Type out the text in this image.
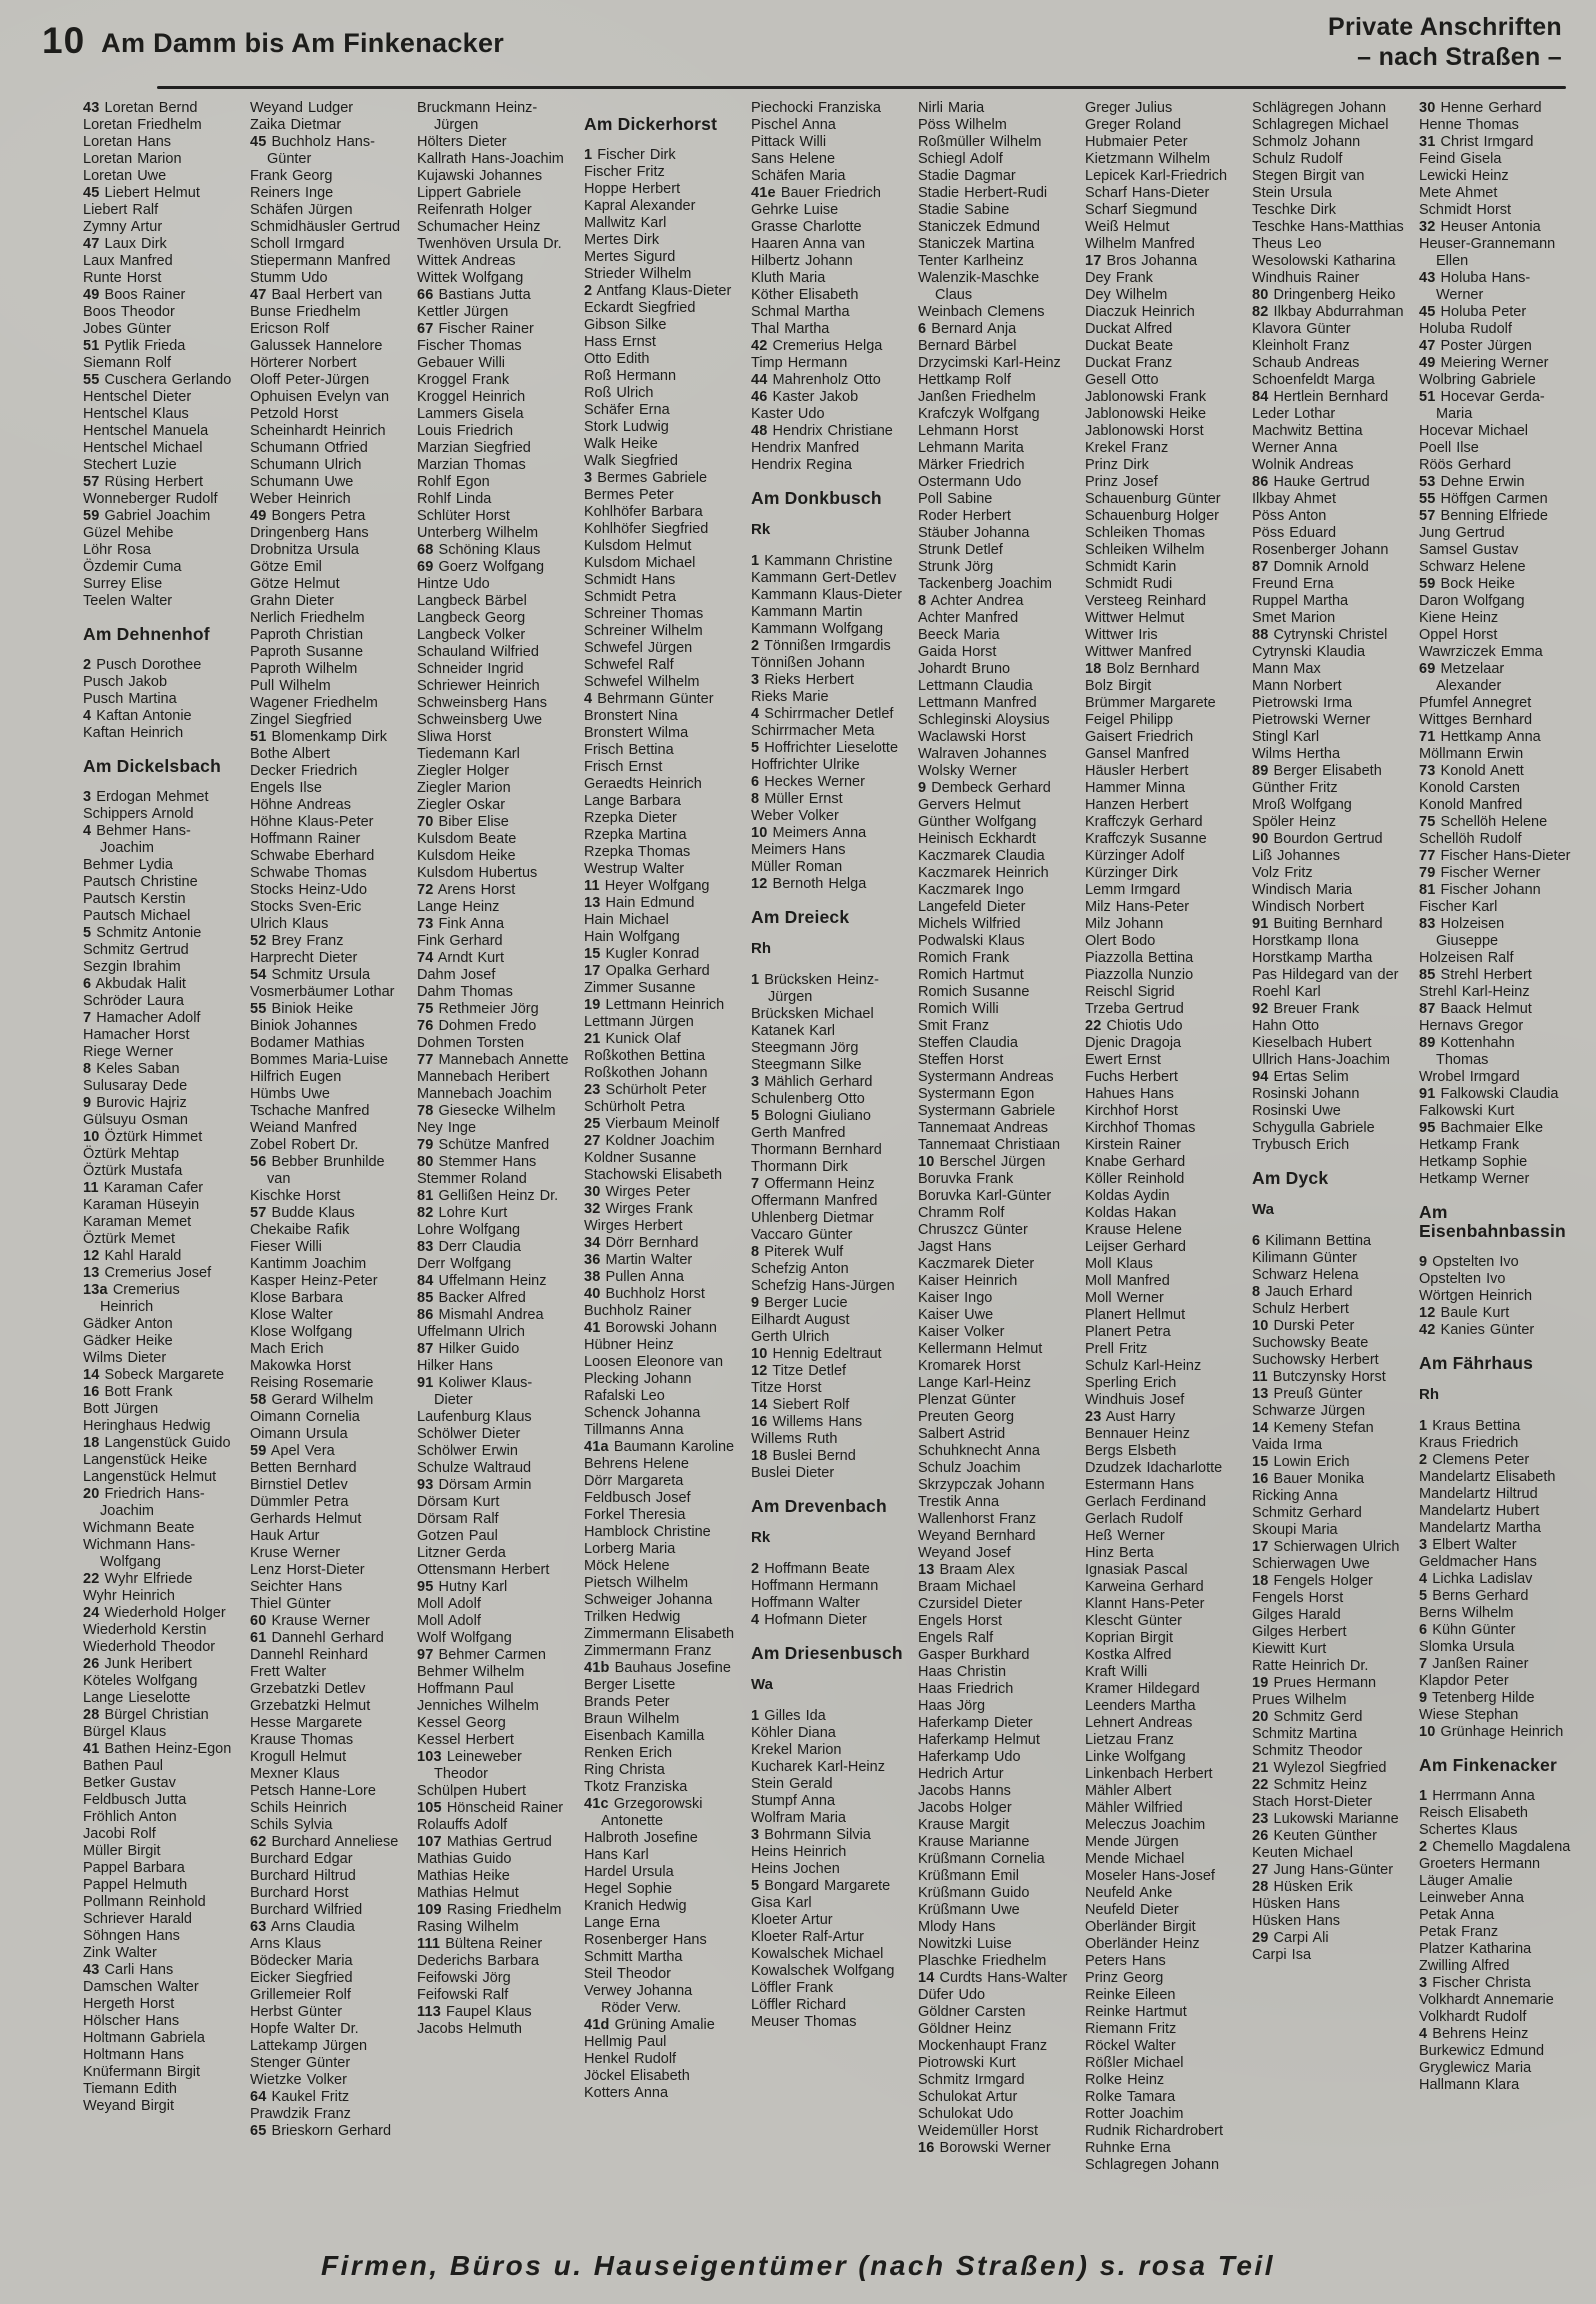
10 Am Damm bis Am Finkenacker
Private Anschriften
– nach Straßen –
43 Loretan Bernd
Loretan Friedhelm
Loretan Hans
Loretan Marion
Loretan Uwe
45 Liebert Helmut
Liebert Ralf
Zymny Artur
47 Laux Dirk
Laux Manfred
Runte Horst
49 Boos Rainer
Boos Theodor
Jobes Günter
51 Pytlik Frieda
Siemann Rolf
55 Cuschera Gerlando
Hentschel Dieter
Hentschel Klaus
Hentschel Manuela
Hentschel Michael
Stechert Luzie
57 Rüsing Herbert
Wonneberger Rudolf
59 Gabriel Joachim
Güzel Mehibe
Löhr Rosa
Özdemir Cuma
Surrey Elise
Teelen Walter
Am Dehnenhof
2 Pusch Dorothee
Pusch Jakob
Pusch Martina
4 Kaftan Antonie
Kaftan Heinrich
Am Dickelsbach
3 Erdogan Mehmet
Schippers Arnold
4 Behmer Hans-Joachim
Behmer Lydia
Pautsch Christine
Pautsch Kerstin
Pautsch Michael
5 Schmitz Antonie
Schmitz Gertrud
Sezgin Ibrahim
6 Akbudak Halit
Schröder Laura
7 Hamacher Adolf
Hamacher Horst
Riege Werner
8 Keles Saban
Sulusaray Dede
9 Burovic Hajriz
Gülsuyu Osman
10 Öztürk Himmet
Öztürk Mehtap
Öztürk Mustafa
11 Karaman Cafer
Karaman Hüseyin
Karaman Memet
Öztürk Memet
12 Kahl Harald
13 Cremerius Josef
13a Cremerius Heinrich
Gädker Anton
Gädker Heike
Wilms Dieter
14 Sobeck Margarete
16 Bott Frank
Bott Jürgen
Heringhaus Hedwig
18 Langenstück Guido
Langenstück Heike
Langenstück Helmut
20 Friedrich Hans-Joachim
Wichmann Beate
Wichmann Hans-Wolfgang
22 Wyhr Elfriede
Wyhr Heinrich
24 Wiederhold Holger
Wiederhold Kerstin
Wiederhold Theodor
26 Junk Heribert
Köteles Wolfgang
Lange Lieselotte
28 Bürgel Christian
Bürgel Klaus
41 Bathen Heinz-Egon
Bathen Paul
Betker Gustav
Feldbusch Jutta
Fröhlich Anton
Jacobi Rolf
Müller Birgit
Pappel Barbara
Pappel Helmuth
Pollmann Reinhold
Schriever Harald
Söhngen Hans
Zink Walter
43 Carli Hans
Damschen Walter
Hergeth Horst
Hölscher Hans
Holtmann Gabriela
Holtmann Hans
Knüfermann Birgit
Tiemann Edith
Weyand Birgit
Weyand Ludger
Zaika Dietmar
45 Buchholz Hans-Günter
Frank Georg
Reiners Inge
Schäfen Jürgen
Schmidhäusler Gertrud
Scholl Irmgard
Stiepermann Manfred
Stumm Udo
47 Baal Herbert van
Bunse Friedhelm
Ericson Rolf
Galussek Hannelore
Hörterer Norbert
Oloff Peter-Jürgen
Ophuisen Evelyn van
Petzold Horst
Scheinhardt Heinrich
Schumann Otfried
Schumann Ulrich
Schumann Uwe
Weber Heinrich
49 Bongers Petra
Dringenberg Hans
Drobnitza Ursula
Götze Emil
Götze Helmut
Grahn Dieter
Nerlich Friedhelm
Paproth Christian
Paproth Susanne
Paproth Wilhelm
Pull Wilhelm
Wagener Friedhelm
Zingel Siegfried
51 Blomenkamp Dirk
Bothe Albert
Decker Friedrich
Engels Ilse
Höhne Andreas
Höhne Klaus-Peter
Hoffmann Rainer
Schwabe Eberhard
Schwabe Thomas
Stocks Heinz-Udo
Stocks Sven-Eric
Ulrich Klaus
52 Brey Franz
Harprecht Dieter
54 Schmitz Ursula
Vosmerbäumer Lothar
55 Biniok Heike
Biniok Johannes
Bodamer Mathias
Bommes Maria-Luise
Hilfrich Eugen
Hümbs Uwe
Tschache Manfred
Weiand Manfred
Zobel Robert Dr.
56 Bebber Brunhilde van
Kischke Horst
57 Budde Klaus
Chekaibe Rafik
Fieser Willi
Kantimm Joachim
Kasper Heinz-Peter
Klose Barbara
Klose Walter
Klose Wolfgang
Mach Erich
Makowka Horst
Reising Rosemarie
58 Gerard Wilhelm
Oimann Cornelia
Oimann Ursula
59 Apel Vera
Betten Bernhard
Birnstiel Detlev
Dümmler Petra
Gerhards Helmut
Hauk Artur
Kruse Werner
Lenz Horst-Dieter
Seichter Hans
Thiel Günter
60 Krause Werner
61 Dannehl Gerhard
Dannehl Reinhard
Frett Walter
Grzebatzki Detlev
Grzebatzki Helmut
Hesse Margarete
Krause Thomas
Krogull Helmut
Mexner Klaus
Petsch Hanne-Lore
Schils Heinrich
Schils Sylvia
62 Burchard Anneliese
Burchard Edgar
Burchard Hiltrud
Burchard Horst
Burchard Wilfried
63 Arns Claudia
Arns Klaus
Bödecker Maria
Eicker Siegfried
Grillemeier Rolf
Herbst Günter
Hopfe Walter Dr.
Lattekamp Jürgen
Stenger Günter
Wietzke Volker
64 Kaukel Fritz
Prawdzik Franz
65 Brieskorn Gerhard
Bruckmann Heinz-Jürgen
Hölters Dieter
Kallrath Hans-Joachim
Kujawski Johannes
Lippert Gabriele
Reifenrath Holger
Schumacher Heinz
Twenhöven Ursula Dr.
Wittek Andreas
Wittek Wolfgang
66 Bastians Jutta
Kettler Jürgen
67 Fischer Rainer
Fischer Thomas
Gebauer Willi
Kroggel Frank
Kroggel Heinrich
Lammers Gisela
Louis Friedrich
Marzian Siegfried
Marzian Thomas
Rohlf Egon
Rohlf Linda
Schlüter Horst
Unterberg Wilhelm
68 Schöning Klaus
69 Goerz Wolfgang
Hintze Udo
Langbeck Bärbel
Langbeck Georg
Langbeck Volker
Schauland Wilfried
Schneider Ingrid
Schriewer Heinrich
Schweinsberg Hans
Schweinsberg Uwe
Sliwa Horst
Tiedemann Karl
Ziegler Holger
Ziegler Marion
Ziegler Oskar
70 Biber Elise
Kulsdom Beate
Kulsdom Heike
Kulsdom Hubertus
72 Arens Horst
Lange Heinz
73 Fink Anna
Fink Gerhard
74 Arndt Kurt
Dahm Josef
Dahm Thomas
75 Rethmeier Jörg
76 Dohmen Fredo
Dohmen Torsten
77 Mannebach Annette
Mannebach Heribert
Mannebach Joachim
78 Giesecke Wilhelm
Ney Inge
79 Schütze Manfred
80 Stemmer Hans
Stemmer Roland
81 Gellißen Heinz Dr.
82 Lohre Kurt
Lohre Wolfgang
83 Derr Claudia
Derr Wolfgang
84 Uffelmann Heinz
85 Backer Alfred
86 Mismahl Andrea
Uffelmann Ulrich
87 Hilker Guido
Hilker Hans
91 Koliwer Klaus-Dieter
Laufenburg Klaus
Schölwer Dieter
Schölwer Erwin
Schulze Waltraud
93 Dörsam Armin
Dörsam Kurt
Dörsam Ralf
Gotzen Paul
Litzner Gerda
Ottensmann Herbert
95 Hutny Karl
Moll Adolf
Moll Adolf
Wolf Wolfgang
97 Behmer Carmen
Behmer Wilhelm
Hoffmann Paul
Jenniches Wilhelm
Kessel Georg
Kessel Herbert
103 Leineweber Theodor
Schülpen Hubert
105 Hönscheid Rainer
Rolauffs Adolf
107 Mathias Gertrud
Mathias Guido
Mathias Heike
Mathias Helmut
109 Rasing Friedhelm
Rasing Wilhelm
111 Bültena Reiner
Dederichs Barbara
Feifowski Jörg
Feifowski Ralf
113 Faupel Klaus
Jacobs Helmuth
Am Dickerhorst
1 Fischer Dirk
Fischer Fritz
Hoppe Herbert
Kapral Alexander
Mallwitz Karl
Mertes Dirk
Mertes Sigurd
Strieder Wilhelm
2 Antfang Klaus-Dieter
Eckardt Siegfried
Gibson Silke
Hass Ernst
Otto Edith
Roß Hermann
Roß Ulrich
Schäfer Erna
Stork Ludwig
Walk Heike
Walk Siegfried
3 Bermes Gabriele
Bermes Peter
Kohlhöfer Barbara
Kohlhöfer Siegfried
Kulsdom Helmut
Kulsdom Michael
Schmidt Hans
Schmidt Petra
Schreiner Thomas
Schreiner Wilhelm
Schwefel Jürgen
Schwefel Ralf
Schwefel Wilhelm
4 Behrmann Günter
Bronstert Nina
Bronstert Wilma
Frisch Bettina
Frisch Ernst
Geraedts Heinrich
Lange Barbara
Rzepka Dieter
Rzepka Martina
Rzepka Thomas
Westrup Walter
11 Heyer Wolfgang
13 Hain Edmund
Hain Michael
Hain Wolfgang
15 Kugler Konrad
17 Opalka Gerhard
Zimmer Susanne
19 Lettmann Heinrich
Lettmann Jürgen
21 Kunick Olaf
Roßkothen Bettina
Roßkothen Johann
23 Schürholt Peter
Schürholt Petra
25 Vierbaum Meinolf
27 Koldner Joachim
Koldner Susanne
Stachowski Elisabeth
30 Wirges Peter
32 Wirges Frank
Wirges Herbert
34 Dörr Bernhard
36 Martin Walter
38 Pullen Anna
40 Buchholz Horst
Buchholz Rainer
41 Borowski Johann
Hübner Heinz
Loosen Eleonore van
Plecking Johann
Rafalski Leo
Schenck Johanna
Tillmanns Anna
41a Baumann Karoline
Behrens Helene
Dörr Margareta
Feldbusch Josef
Forkel Theresia
Hamblock Christine
Lorberg Maria
Möck Helene
Pietsch Wilhelm
Schweiger Johanna
Trilken Hedwig
Zimmermann Elisabeth
Zimmermann Franz
41b Bauhaus Josefine
Berger Lisette
Brands Peter
Braun Wilhelm
Eisenbach Kamilla
Renken Erich
Ring Christa
Tkotz Franziska
41c Grzegorowski Antonette
Halbroth Josefine
Hans Karl
Hardel Ursula
Hegel Sophie
Kranich Hedwig
Lange Erna
Rosenberger Hans
Schmitt Martha
Steil Theodor
Verwey Johanna Röder Verw.
41d Grüning Amalie
Hellmig Paul
Henkel Rudolf
Jöckel Elisabeth
Kotters Anna
Piechocki Franziska
Pischel Anna
Pittack Willi
Sans Helene
Schäfen Maria
41e Bauer Friedrich
Gehrke Luise
Grasse Charlotte
Haaren Anna van
Hilbertz Johann
Kluth Maria
Köther Elisabeth
Schmal Martha
Thal Martha
42 Cremerius Helga
Timp Hermann
44 Mahrenholz Otto
46 Kaster Jakob
Kaster Udo
48 Hendrix Christiane
Hendrix Manfred
Hendrix Regina
Am Donkbusch
Rk
1 Kammann Christine
Kammann Gert-Detlev
Kammann Klaus-Dieter
Kammann Martin
Kammann Wolfgang
2 Tönnißen Irmgardis
Tönnißen Johann
3 Rieks Herbert
Rieks Marie
4 Schirrmacher Detlef
Schirrmacher Meta
5 Hoffrichter Lieselotte
Hoffrichter Ulrike
6 Heckes Werner
8 Müller Ernst
Weber Volker
10 Meimers Anna
Meimers Hans
Müller Roman
12 Bernoth Helga
Am Dreieck
Rh
1 Brücksken Heinz-Jürgen
Brücksken Michael
Katanek Karl
Steegmann Jörg
Steegmann Silke
3 Mählich Gerhard
Schulenberg Otto
5 Bologni Giuliano
Gerth Manfred
Thormann Bernhard
Thormann Dirk
7 Offermann Heinz
Offermann Manfred
Uhlenberg Dietmar
Vaccaro Günter
8 Piterek Wulf
Schefzig Anton
Schefzig Hans-Jürgen
9 Berger Lucie
Eilhardt August
Gerth Ulrich
10 Hennig Edeltraut
12 Titze Detlef
Titze Horst
14 Siebert Rolf
16 Willems Hans
Willems Ruth
18 Buslei Bernd
Buslei Dieter
Am Drevenbach
Rk
2 Hoffmann Beate
Hoffmann Hermann
Hoffmann Walter
4 Hofmann Dieter
Am Driesenbusch
Wa
1 Gilles Ida
Köhler Diana
Krekel Marion
Kucharek Karl-Heinz
Stein Gerald
Stumpf Anna
Wolfram Maria
3 Bohrmann Silvia
Heins Heinrich
Heins Jochen
5 Bongard Margarete
Gisa Karl
Kloeter Artur
Kloeter Ralf-Artur
Kowalschek Michael
Kowalschek Wolfgang
Löffler Frank
Löffler Richard
Meuser Thomas
Nirli Maria
Pöss Wilhelm
Roßmüller Wilhelm
Schiegl Adolf
Stadie Dagmar
Stadie Herbert-Rudi
Stadie Sabine
Staniczek Edmund
Staniczek Martina
Tenter Karlheinz
Walenzik-Maschke Claus
Weinbach Clemens
6 Bernard Anja
Bernard Bärbel
Drzycimski Karl-Heinz
Hettkamp Rolf
Janßen Friedhelm
Krafczyk Wolfgang
Lehmann Horst
Lehmann Marita
Märker Friedrich
Ostermann Udo
Poll Sabine
Roder Herbert
Stäuber Johanna
Strunk Detlef
Strunk Jörg
Tackenberg Joachim
8 Achter Andrea
Achter Manfred
Beeck Maria
Gaida Horst
Johardt Bruno
Lettmann Claudia
Lettmann Manfred
Schleginski Aloysius
Waclawski Horst
Walraven Johannes
Wolsky Werner
9 Dembeck Gerhard
Gervers Helmut
Günther Wolfgang
Heinisch Eckhardt
Kaczmarek Claudia
Kaczmarek Heinrich
Kaczmarek Ingo
Langefeld Dieter
Michels Wilfried
Podwalski Klaus
Romich Frank
Romich Hartmut
Romich Susanne
Romich Willi
Smit Franz
Steffen Claudia
Steffen Horst
Systermann Andreas
Systermann Egon
Systermann Gabriele
Tannemaat Andreas
Tannemaat Christiaan
10 Berschel Jürgen
Boruvka Frank
Boruvka Karl-Günter
Chramm Rolf
Chruszcz Günter
Jagst Hans
Kaczmarek Dieter
Kaiser Heinrich
Kaiser Ingo
Kaiser Uwe
Kaiser Volker
Kellermann Helmut
Kromarek Horst
Lange Karl-Heinz
Plenzat Günter
Preuten Georg
Salbert Astrid
Schuhknecht Anna
Schulz Joachim
Skrzypczak Johann
Trestik Anna
Wallenhorst Franz
Weyand Bernhard
Weyand Josef
13 Braam Alex
Braam Michael
Czursidel Dieter
Engels Horst
Engels Ralf
Gasper Burkhard
Haas Christin
Haas Friedrich
Haas Jörg
Haferkamp Dieter
Haferkamp Helmut
Haferkamp Udo
Hedrich Artur
Jacobs Hanns
Jacobs Holger
Krause Margit
Krause Marianne
Krüßmann Cornelia
Krüßmann Emil
Krüßmann Guido
Krüßmann Uwe
Mlody Hans
Nowitzki Luise
Plaschke Friedhelm
14 Curdts Hans-Walter
Düfer Udo
Göldner Carsten
Göldner Heinz
Mockenhaupt Franz
Piotrowski Kurt
Schmitz Irmgard
Schulokat Artur
Schulokat Udo
Weidemüller Horst
16 Borowski Werner
Greger Julius
Greger Roland
Hubmaier Peter
Kietzmann Wilhelm
Lepicek Karl-Friedrich
Scharf Hans-Dieter
Scharf Siegmund
Weiß Helmut
Wilhelm Manfred
17 Bros Johanna
Dey Frank
Dey Wilhelm
Diaczuk Heinrich
Duckat Alfred
Duckat Beate
Duckat Franz
Gesell Otto
Jablonowski Frank
Jablonowski Heike
Jablonowski Horst
Krekel Franz
Prinz Dirk
Prinz Josef
Schauenburg Günter
Schauenburg Holger
Schleiken Thomas
Schleiken Wilhelm
Schmidt Karin
Schmidt Rudi
Versteeg Reinhard
Wittwer Helmut
Wittwer Iris
Wittwer Manfred
18 Bolz Bernhard
Bolz Birgit
Brümmer Margarete
Feigel Philipp
Gaisert Friedrich
Gansel Manfred
Häusler Herbert
Hammer Minna
Hanzen Herbert
Kraffczyk Gerhard
Kraffczyk Susanne
Kürzinger Adolf
Kürzinger Dirk
Lemm Irmgard
Milz Hans-Peter
Milz Johann
Olert Bodo
Piazzolla Bettina
Piazzolla Nunzio
Reischl Sigrid
Trzeba Gertrud
22 Chiotis Udo
Djenic Dragoja
Ewert Ernst
Fuchs Herbert
Hahues Hans
Kirchhof Horst
Kirchhof Thomas
Kirstein Rainer
Knabe Gerhard
Köller Reinhold
Koldas Aydin
Koldas Hakan
Krause Helene
Leijser Gerhard
Moll Klaus
Moll Manfred
Moll Werner
Planert Hellmut
Planert Petra
Prell Fritz
Schulz Karl-Heinz
Sperling Erich
Windhuis Josef
23 Aust Harry
Bennauer Heinz
Bergs Elsbeth
Dzudzek Idacharlotte
Estermann Hans
Gerlach Ferdinand
Gerlach Rudolf
Heß Werner
Hinz Berta
Ignasiak Pascal
Karweina Gerhard
Klannt Hans-Peter
Klescht Günter
Koprian Birgit
Kostka Alfred
Kraft Willi
Kramer Hildegard
Leenders Martha
Lehnert Andreas
Lietzau Franz
Linke Wolfgang
Linkenbach Herbert
Mähler Albert
Mähler Wilfried
Meleczus Joachim
Mende Jürgen
Mende Michael
Moseler Hans-Josef
Neufeld Anke
Neufeld Dieter
Oberländer Birgit
Oberländer Heinz
Peters Hans
Prinz Georg
Reinke Eileen
Reinke Hartmut
Riemann Fritz
Röckel Walter
Rößler Michael
Rolke Heinz
Rolke Tamara
Rotter Joachim
Rudnik Richardrobert
Ruhnke Erna
Schlagregen Johann
Schlägregen Johann
Schlagregen Michael
Schmolz Johann
Schulz Rudolf
Stegen Birgit van
Stein Ursula
Teschke Dirk
Teschke Hans-Matthias
Theus Leo
Wesolowski Katharina
Windhuis Rainer
80 Dringenberg Heiko
82 Ilkbay Abdurrahman
Klavora Günter
Kleinholt Franz
Schaub Andreas
Schoenfeldt Marga
84 Hertlein Bernhard
Leder Lothar
Machwitz Bettina
Werner Anna
Wolnik Andreas
86 Hauke Gertrud
Ilkbay Ahmet
Pöss Anton
Pöss Eduard
Rosenberger Johann
87 Domnik Arnold
Freund Erna
Ruppel Martha
Smet Marion
88 Cytrynski Christel
Cytrynski Klaudia
Mann Max
Mann Norbert
Pietrowski Irma
Pietrowski Werner
Stingl Karl
Wilms Hertha
89 Berger Elisabeth
Günther Fritz
Mroß Wolfgang
Spöler Heinz
90 Bourdon Gertrud
Liß Johannes
Volz Fritz
Windisch Maria
Windisch Norbert
91 Buiting Bernhard
Horstkamp Ilona
Horstkamp Martha
Pas Hildegard van der
Roehl Karl
92 Breuer Frank
Hahn Otto
Kieselbach Hubert
Ullrich Hans-Joachim
94 Ertas Selim
Rosinski Johann
Rosinski Uwe
Schygulla Gabriele
Trybusch Erich
Am Dyck
Wa
6 Kilimann Bettina
Kilimann Günter
Schwarz Helena
8 Jauch Erhard
Schulz Herbert
10 Durski Peter
Suchowsky Beate
Suchowsky Herbert
11 Butczynsky Horst
13 Preuß Günter
Schwarze Jürgen
14 Kemeny Stefan
Vaida Irma
15 Lowin Erich
16 Bauer Monika
Ricking Anna
Schmitz Gerhard
Skoupi Maria
17 Schierwagen Ulrich
Schierwagen Uwe
18 Fengels Holger
Fengels Horst
Gilges Harald
Gilges Herbert
Kiewitt Kurt
Ratte Heinrich Dr.
19 Prues Hermann
Prues Wilhelm
20 Schmitz Gerd
Schmitz Martina
Schmitz Theodor
21 Wylezol Siegfried
22 Schmitz Heinz
Stach Horst-Dieter
23 Lukowski Marianne
26 Keuten Günther
Keuten Michael
27 Jung Hans-Günter
28 Hüsken Erik
Hüsken Hans
Hüsken Hans
29 Carpi Ali
Carpi Isa
30 Henne Gerhard
Henne Thomas
31 Christ Irmgard
Feind Gisela
Lewicki Heinz
Mete Ahmet
Schmidt Horst
32 Heuser Antonia
Heuser-Grannemann Ellen
43 Holuba Hans-Werner
45 Holuba Peter
Holuba Rudolf
47 Poster Jürgen
49 Meiering Werner
Wolbring Gabriele
51 Hocevar Gerda-Maria
Hocevar Michael
Poell Ilse
Röös Gerhard
53 Dehne Erwin
55 Höffgen Carmen
57 Benning Elfriede
Jung Gertrud
Samsel Gustav
Schwarz Helene
59 Bock Heike
Daron Wolfgang
Kiene Heinz
Oppel Horst
Wawrziczek Emma
69 Metzelaar Alexander
Pfumfel Annegret
Wittges Bernhard
71 Hettkamp Anna
Möllmann Erwin
73 Konold Anett
Konold Carsten
Konold Manfred
75 Schellöh Helene
Schellöh Rudolf
77 Fischer Hans-Dieter
79 Fischer Werner
81 Fischer Johann
Fischer Karl
83 Holzeisen Giuseppe
Holzeisen Ralf
85 Strehl Herbert
Strehl Karl-Heinz
87 Baack Helmut
Hernavs Gregor
89 Kottenhahn Thomas
Wrobel Irmgard
91 Falkowski Claudia
Falkowski Kurt
95 Bachmaier Elke
Hetkamp Frank
Hetkamp Sophie
Hetkamp Werner
Am Eisenbahnbassin
9 Opstelten Ivo
Opstelten Ivo
Wörtgen Heinrich
12 Baule Kurt
42 Kanies Günter
Am Fährhaus
Rh
1 Kraus Bettina
Kraus Friedrich
2 Clemens Peter
Mandelartz Elisabeth
Mandelartz Hiltrud
Mandelartz Hubert
Mandelartz Martha
3 Elbert Walter
Geldmacher Hans
4 Lichka Ladislav
5 Berns Gerhard
Berns Wilhelm
6 Kühn Günter
Slomka Ursula
7 Janßen Rainer
Klapdor Peter
9 Tetenberg Hilde
Wiese Stephan
10 Grünhage Heinrich
Am Finkenacker
1 Herrmann Anna
Reisch Elisabeth
Schertes Klaus
2 Chemello Magdalena
Groeters Hermann
Läuger Amalie
Leinweber Anna
Petak Anna
Petak Franz
Platzer Katharina
Zwilling Alfred
3 Fischer Christa
Volkhardt Annemarie
Volkhardt Rudolf
4 Behrens Heinz
Burkewicz Edmund
Gryglewicz Maria
Hallmann Klara
Firmen, Büros u. Hauseigentümer (nach Straßen) s. rosa Teil
